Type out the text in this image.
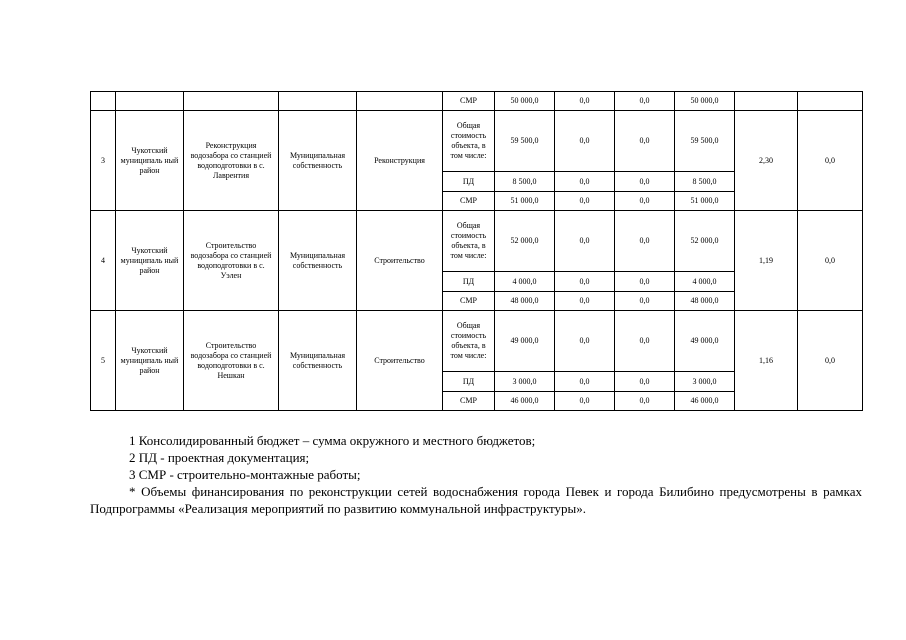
					СМР	50 000,0	0,0	0,0	50 000,0		
3	Чукотский муниципаль ный район	Реконструкция водозабора со станцией водоподготовки в с. Лаврентия	Муниципальная собственность	Реконструкция	Общая стоимость объекта, в том числе:	59 500,0	0,0	0,0	59 500,0	2,30	0,0
					ПД	8 500,0	0,0	0,0	8 500,0		
					СМР	51 000,0	0,0	0,0	51 000,0		
4	Чукотский муниципаль ный район	Строительство водозабора со станцией водоподготовки в с. Уэлен	Муниципальная собственность	Строительство	Общая стоимость объекта, в том числе:	52 000,0	0,0	0,0	52 000,0	1,19	0,0
					ПД	4 000,0	0,0	0,0	4 000,0		
					СМР	48 000,0	0,0	0,0	48 000,0		
5	Чукотский муниципаль ный район	Строительство водозабора со станцией водоподготовки в с. Нешкан	Муниципальная собственность	Строительство	Общая стоимость объекта, в том числе:	49 000,0	0,0	0,0	49 000,0	1,16	0,0
					ПД	3 000,0	0,0	0,0	3 000,0		
					СМР	46 000,0	0,0	0,0	46 000,0		

1 Консолидированный бюджет – сумма окружного и местного бюджетов;

2 ПД - проектная документация;

3 СМР - строительно-монтажные работы;

* Объемы финансирования по реконструкции сетей водоснабжения города Певек и города Билибино предусмотрены в рамках Подпрограммы «Реализация мероприятий по развитию коммунальной инфраструктуры».
